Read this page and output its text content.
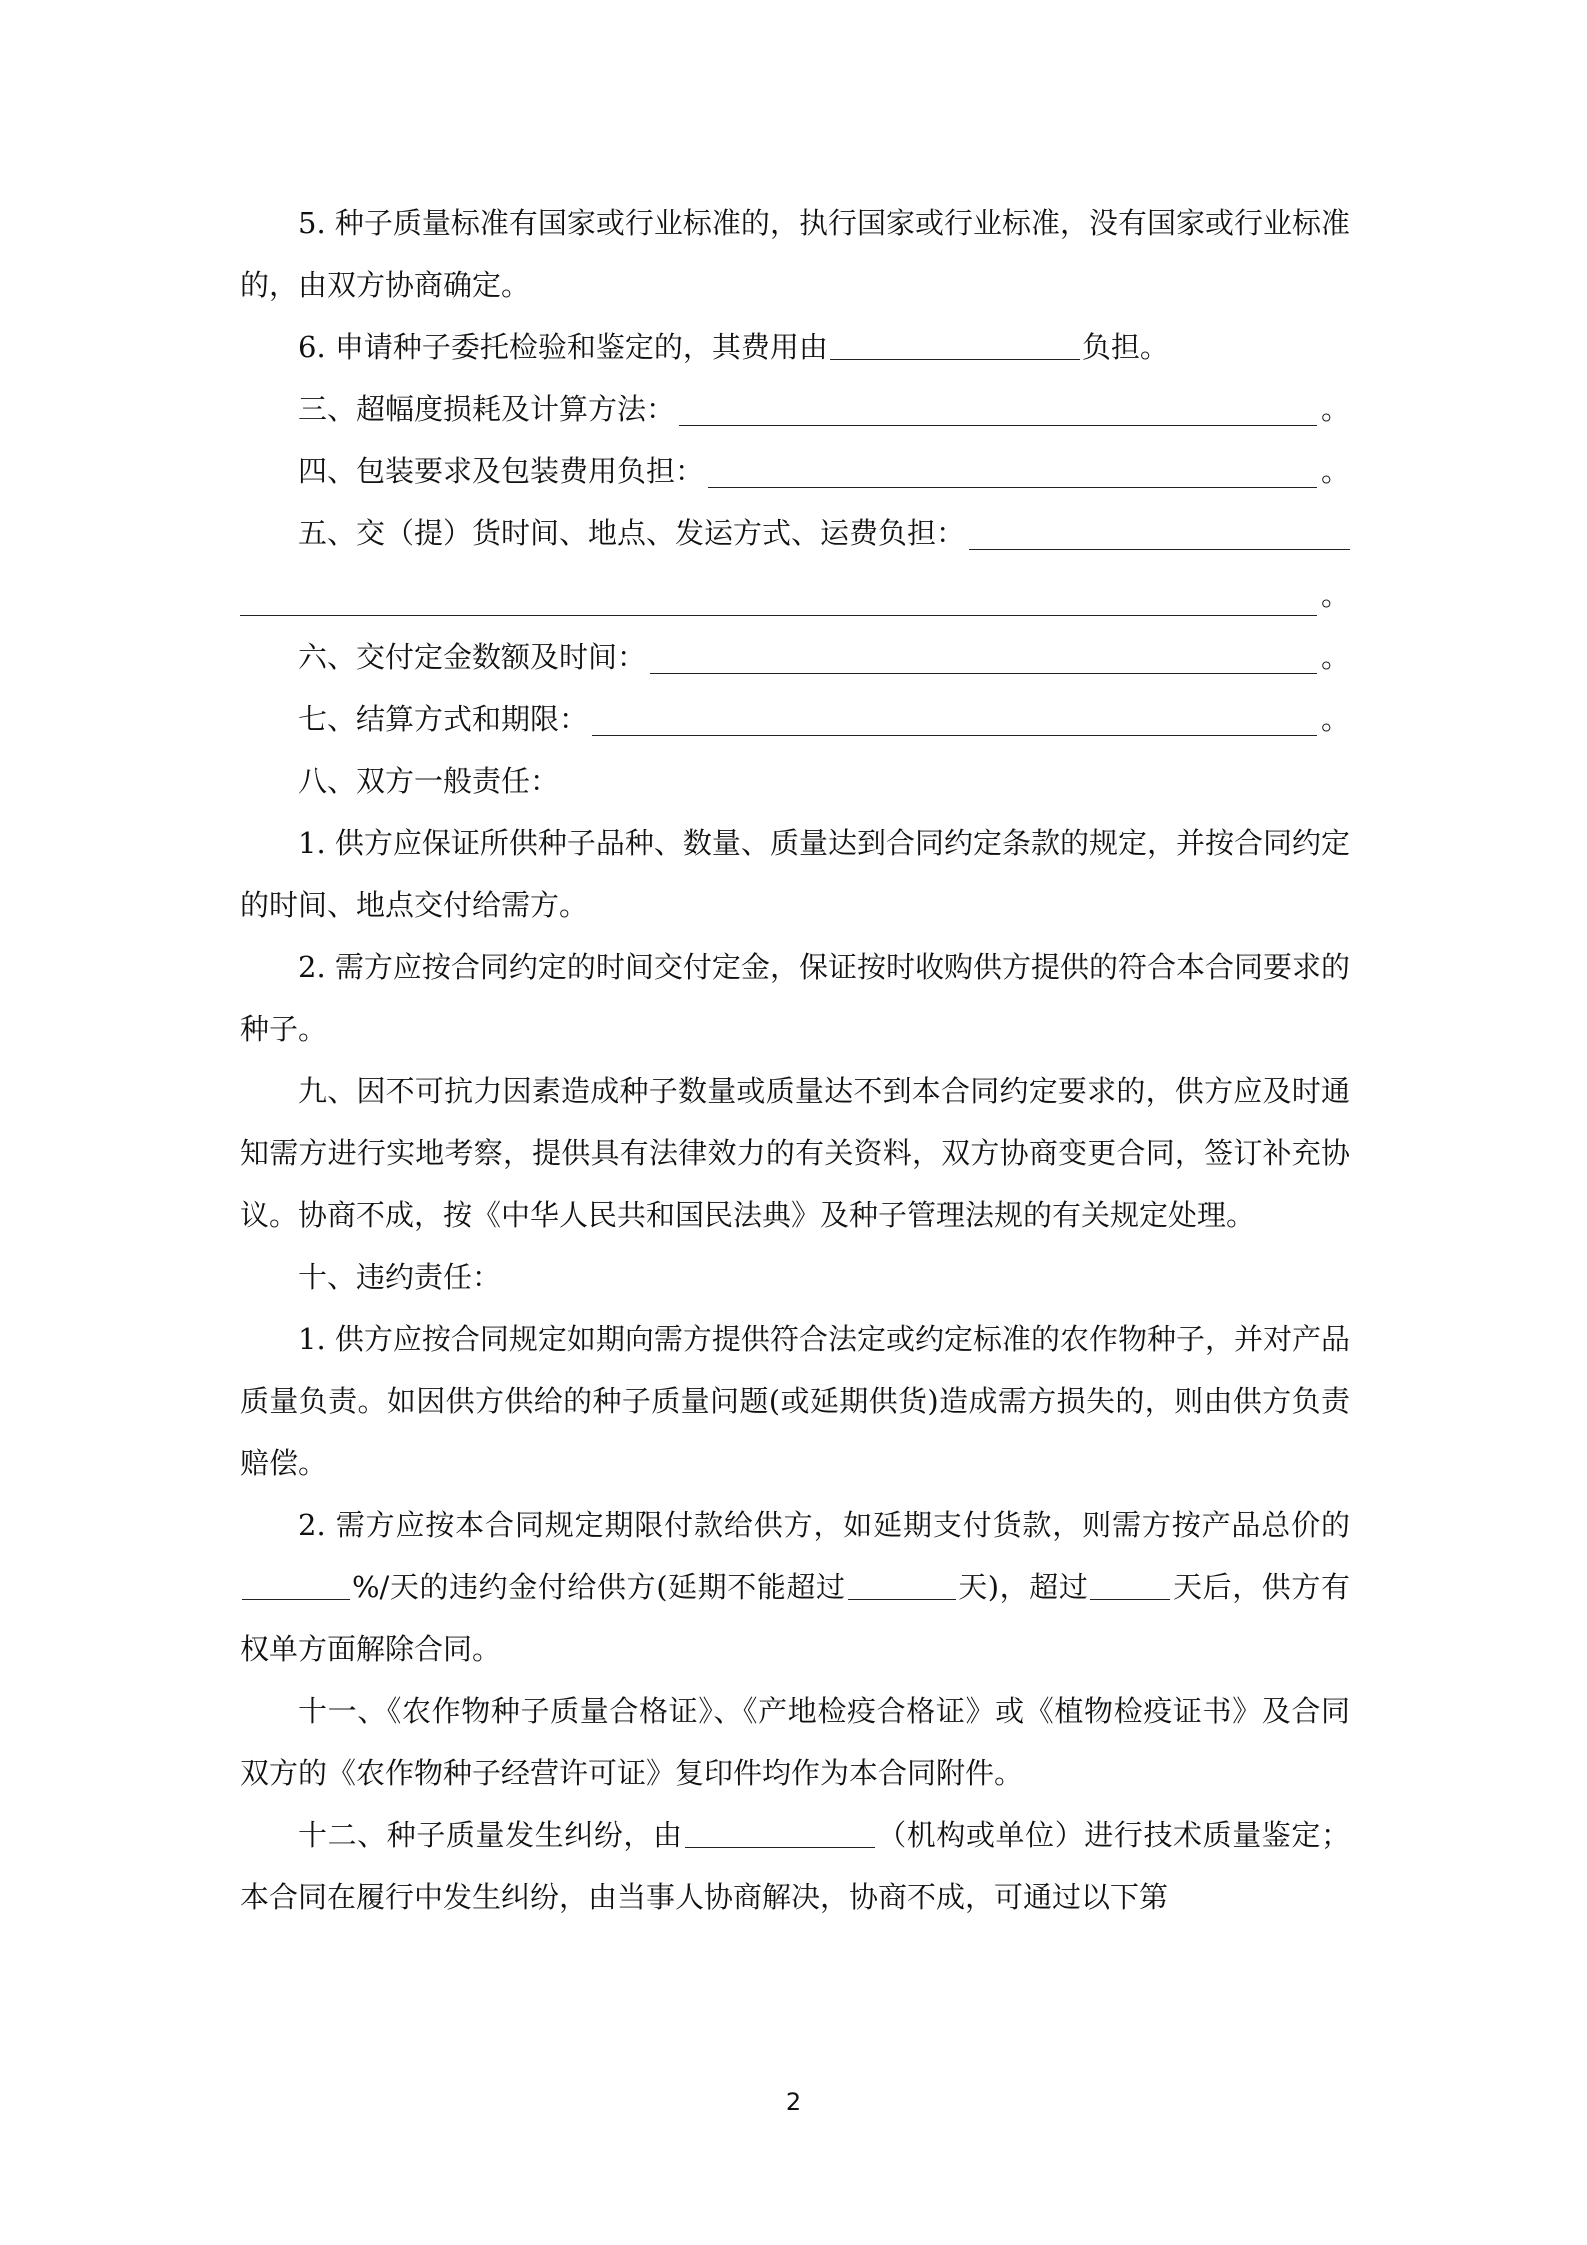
5. 种子质量标准有国家或行业标准的，执行国家或行业标准，没有国家或行业标准的，由双方协商确定。

6. 申请种子委托检验和鉴定的，其费用由	负担。

三、超幅度损耗及计算方法：	。
四、包装要求及包装费用负担：	。
五、交（提）货时间、地点、发运方式、运费负担：
。
六、交付定金数额及时间：	。
七、结算方式和期限：	。

八、双方一般责任：

1. 供方应保证所供种子品种、数量、质量达到合同约定条款的规定，并按合同约定的时间、地点交付给需方。

2. 需方应按合同约定的时间交付定金，保证按时收购供方提供的符合本合同要求的种子。

九、因不可抗力因素造成种子数量或质量达不到本合同约定要求的，供方应及时通知需方进行实地考察，提供具有法律效力的有关资料，双方协商变更合同，签订补充协议。协商不成，按《中华人民共和国民法典》及种子管理法规的有关规定处理。

十、违约责任：

1. 供方应按合同规定如期向需方提供符合法定或约定标准的农作物种子，并对产品质量负责。如因供方供给的种子质量问题(或延期供货)造成需方损失的，则由供方负责赔偿。

2. 需方应按本合同规定期限付款给供方，如延期支付货款，则需方按产品总价的%/天的违约金付给供方(延期不能超过	天)，超过	天后，供方有权单方面解除合同。

十一、《农作物种子质量合格证》、《产地检疫合格证》或《植物检疫证书》及合同双方的《农作物种子经营许可证》复印件均作为本合同附件。

十二、种子质量发生纠纷，由	（机构或单位）进行技术质量鉴定；本合同在履行中发生纠纷，由当事人协商解决，协商不成，可通过以下第

2
